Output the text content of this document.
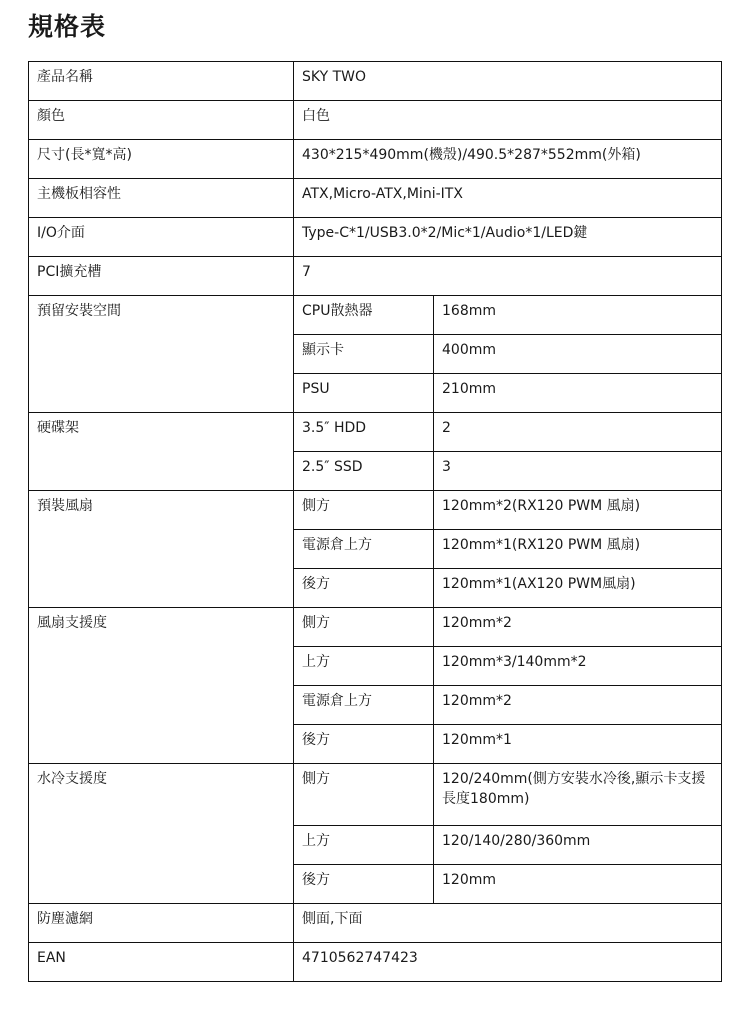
規格表
產品名稱	SKY TWO	
顏色	白色	
尺寸(長*寬*高)	430*215*490mm(機殼)/490.5*287*552mm(外箱)	
主機板相容性	ATX,Micro-ATX,Mini-ITX	
I/O介面	Type-C*1/USB3.0*2/Mic*1/Audio*1/LED鍵	
PCI擴充槽	7	
預留安裝空間	CPU散熱器	168mm
	顯示卡	400mm
	PSU	210mm
硬碟架	3.5″ HDD	2
	2.5″ SSD	3
預裝風扇	側方	120mm*2(RX120 PWM 風扇)
	電源倉上方	120mm*1(RX120 PWM 風扇)
	後方	120mm*1(AX120 PWM風扇)
風扇支援度	側方	120mm*2
	上方	120mm*3/140mm*2
	電源倉上方	120mm*2
	後方	120mm*1
水冷支援度	側方	120/240mm(側方安裝水冷後,顯示卡支援長度180mm)
	上方	120/140/280/360mm
	後方	120mm
防塵濾網	側面,下面	
EAN	4710562747423	
